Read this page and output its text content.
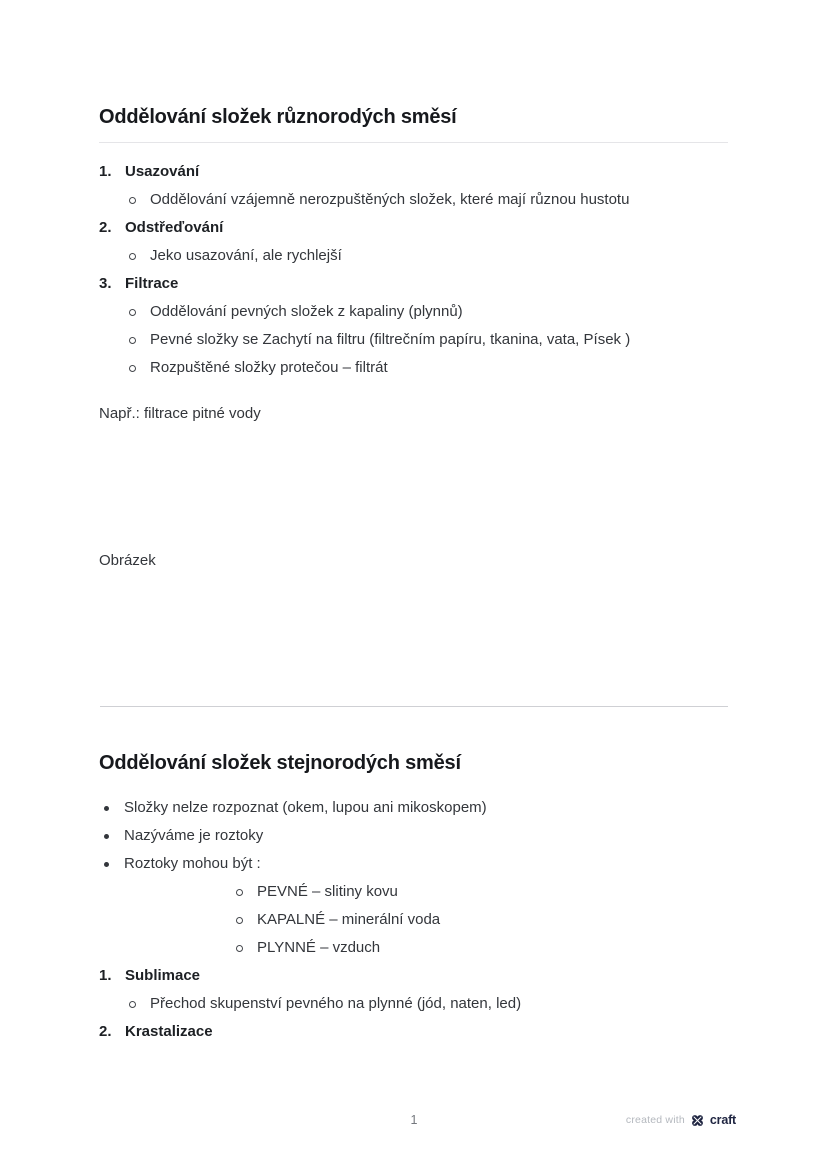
Oddělování složek různorodých směsí
1. Usazování
Oddělování vzájemně nerozpuštěných složek, které mají různou hustotu
2. Odstřeďování
Jeko usazování, ale rychlejší
3. Filtrace
Oddělování pevných složek z kapaliny (plynnů)
Pevné složky se Zachytí na filtru (filtrečním papíru, tkanina, vata, Písek )
Rozpuštěné složky protečou – filtrát

Např.: filtrace pitné vody

Obrázek

Oddělování složek stejnorodých směsí
Složky nelze rozpoznat (okem, lupou ani mikoskopem)
Nazýváme je roztoky
Roztoky mohou být :
PEVNÉ – slitiny kovu
KAPALNÉ – minerální voda
PLYNNÉ – vzduch
1. Sublimace
Přechod skupenství pevného na plynné (jód, naten, led)
2. Krastalizace
1	created with craft
